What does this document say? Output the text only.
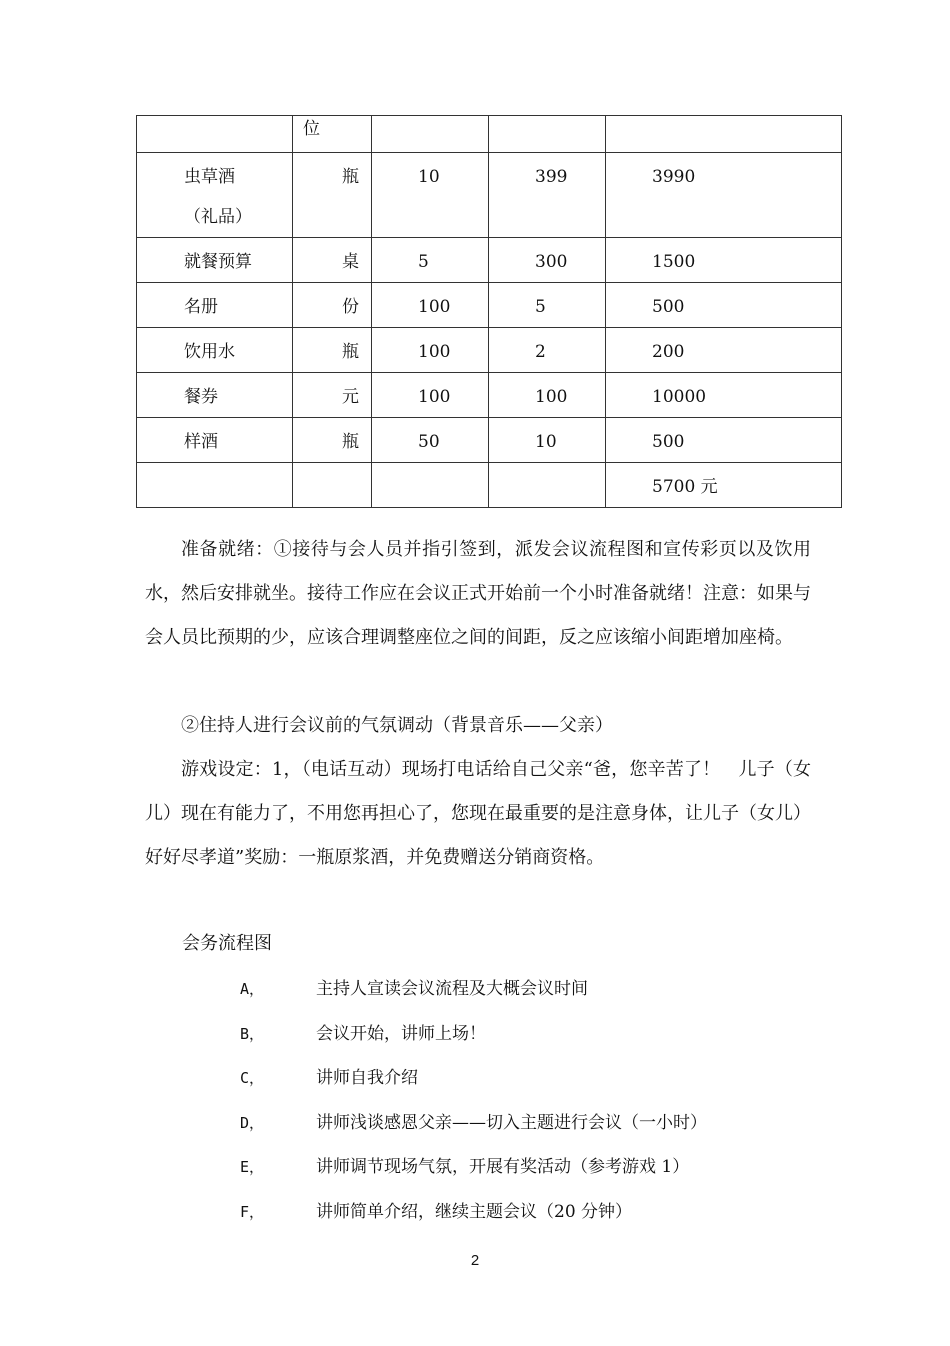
	位			
虫草酒（礼品）	瓶	10	399	3990
就餐预算	桌	5	300	1500
名册	份	100	5	500
饮用水	瓶	100	2	200
餐券	元	100	100	10000
样酒	瓶	50	10	500
				5700 元

准备就绪：①接待与会人员并指引签到，派发会议流程图和宣传彩页以及饮用水，然后安排就坐。接待工作应在会议正式开始前一个小时准备就绪！注意：如果与会人员比预期的少，应该合理调整座位之间的间距，反之应该缩小间距增加座椅。

②住持人进行会议前的气氛调动（背景音乐——父亲）

游戏设定：1，（电话互动）现场打电话给自己父亲“爸，您辛苦了！　儿子（女儿）现在有能力了，不用您再担心了，您现在最重要的是注意身体，让儿子（女儿）好好尽孝道”奖励：一瓶原浆酒，并免费赠送分销商资格。

会务流程图

A，	主持人宣读会议流程及大概会议时间
B，	会议开始，讲师上场！
C，	讲师自我介绍
D，	讲师浅谈感恩父亲——切入主题进行会议（一小时）
E，	讲师调节现场气氛，开展有奖活动（参考游戏 1）
F，	讲师简单介绍，继续主题会议（20 分钟）
2
